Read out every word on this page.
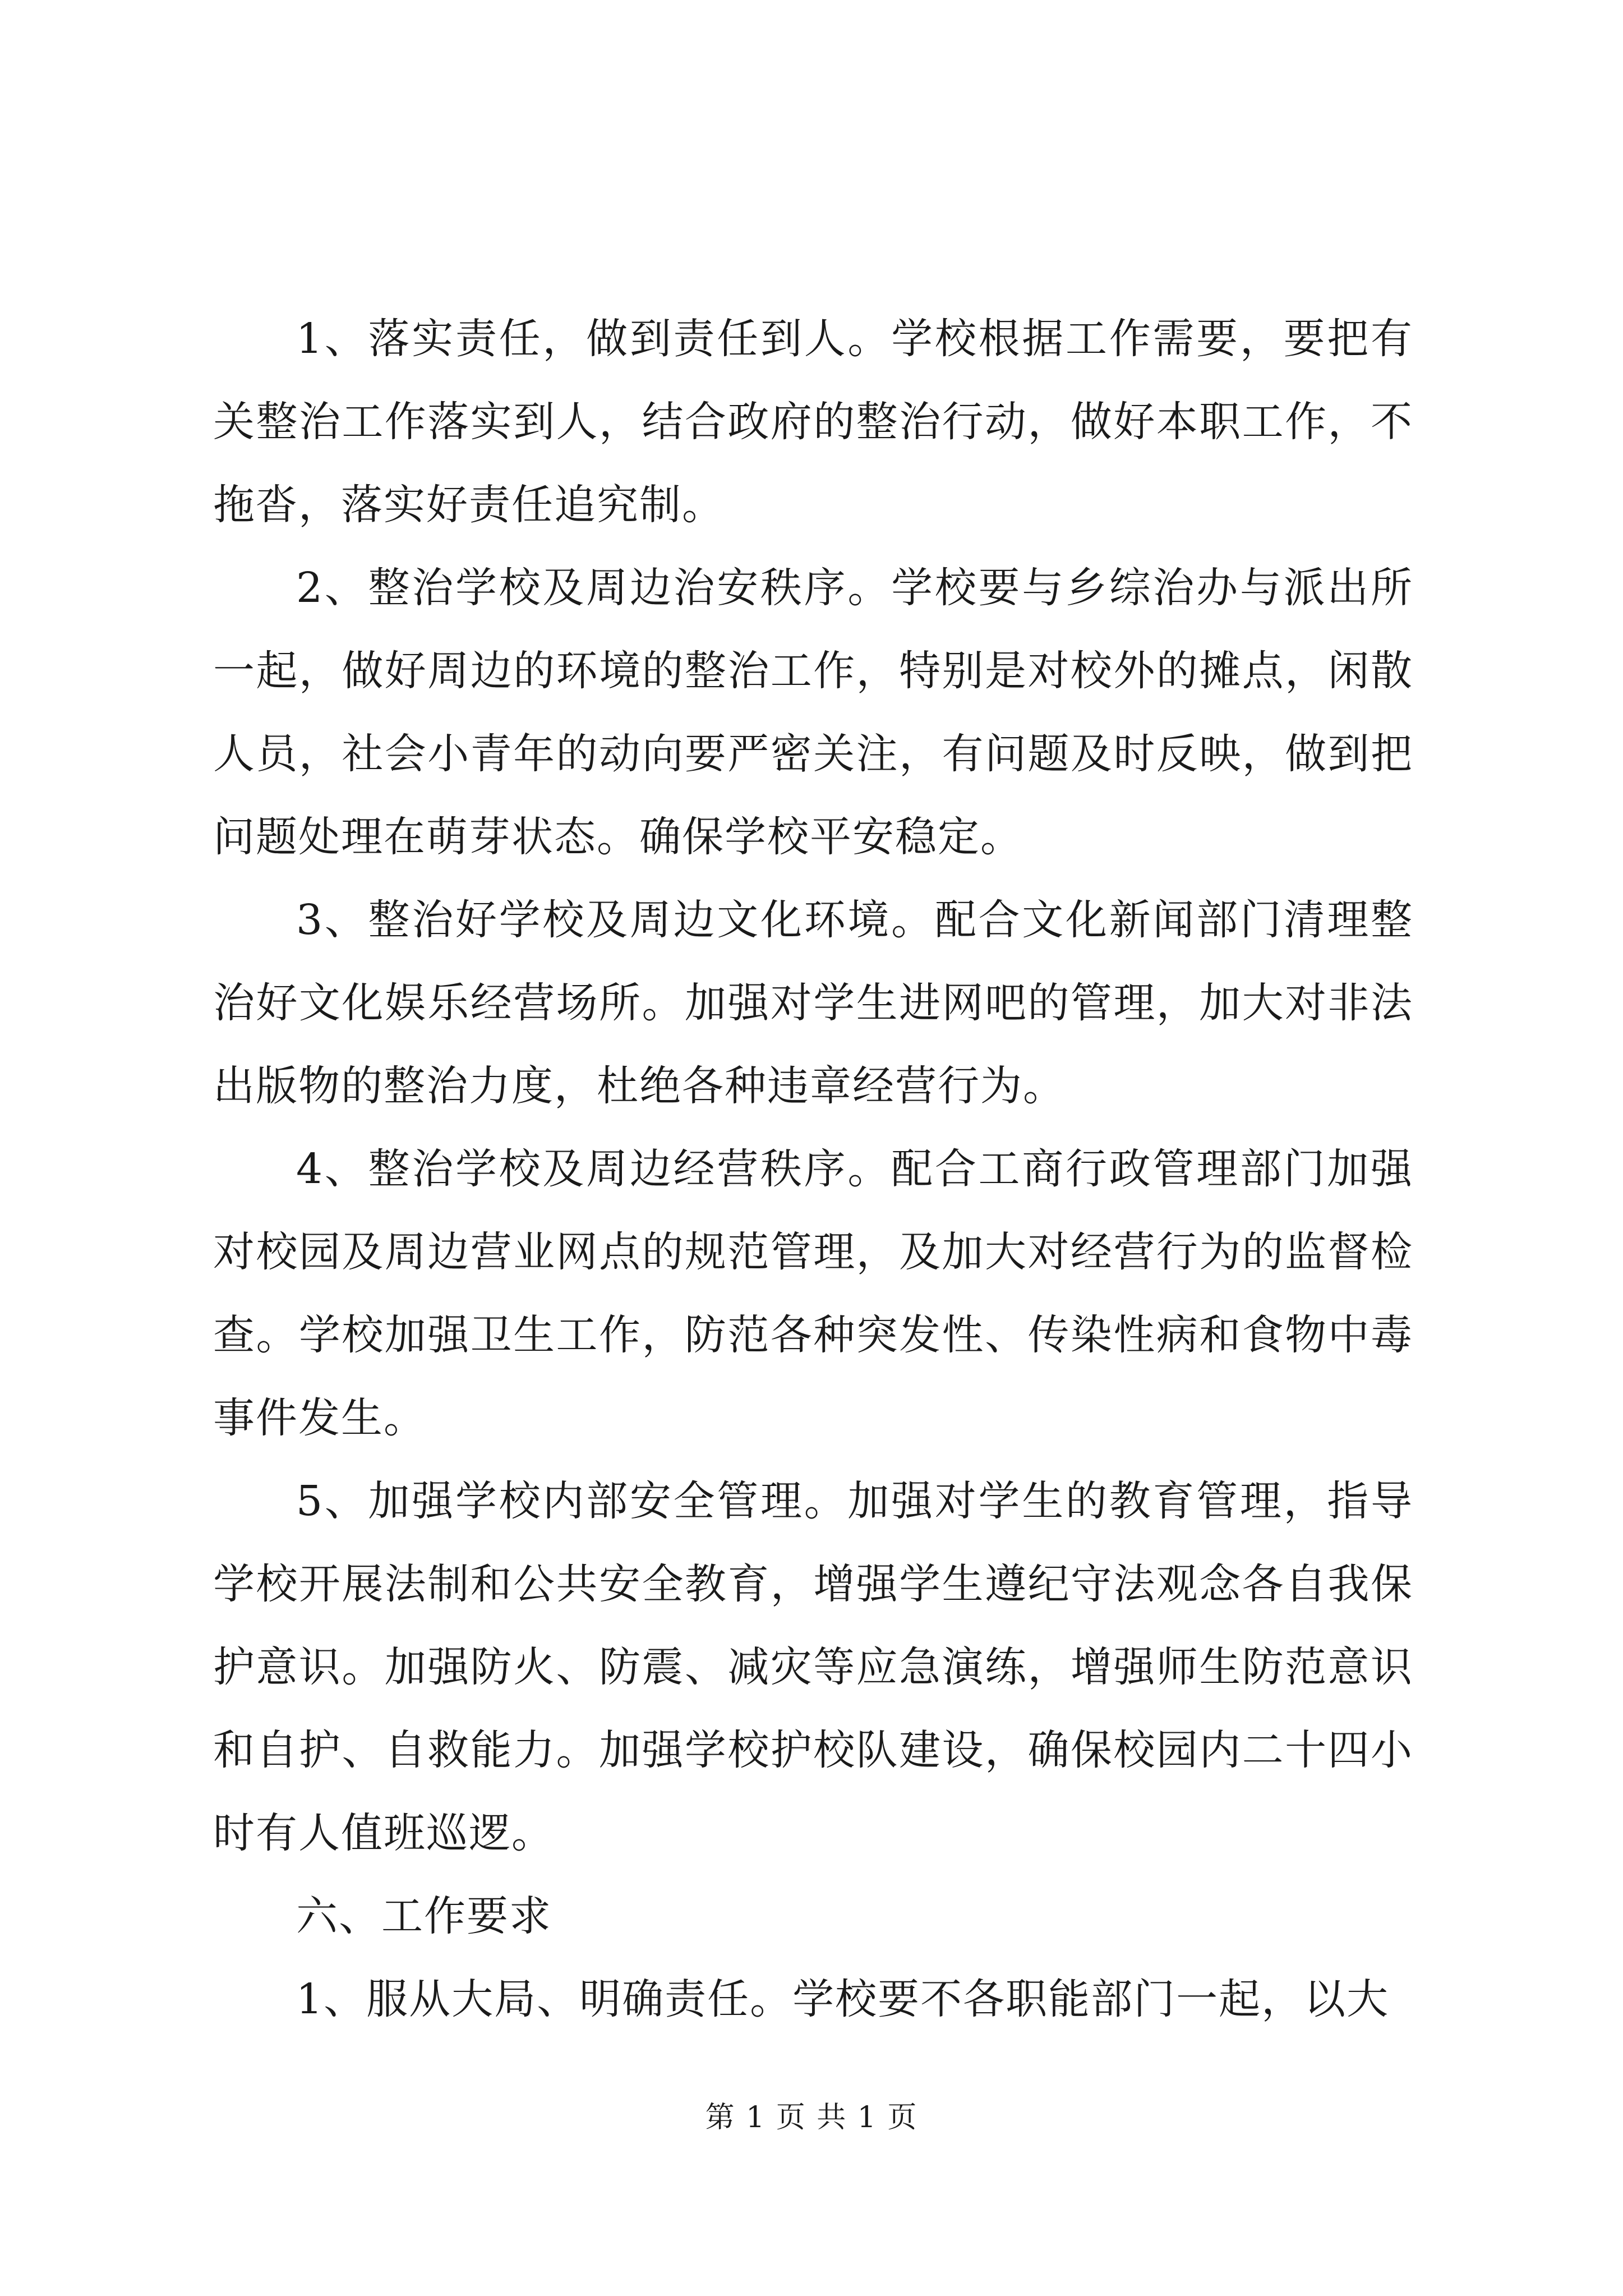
1、落实责任，做到责任到人。学校根据工作需要，要把有关整治工作落实到人，结合政府的整治行动，做好本职工作，不拖沓，落实好责任追究制。

2、整治学校及周边治安秩序。学校要与乡综治办与派出所一起，做好周边的环境的整治工作，特别是对校外的摊点，闲散人员，社会小青年的动向要严密关注，有问题及时反映，做到把问题处理在萌芽状态。确保学校平安稳定。

3、整治好学校及周边文化环境。配合文化新闻部门清理整治好文化娱乐经营场所。加强对学生进网吧的管理，加大对非法出版物的整治力度，杜绝各种违章经营行为。

4、整治学校及周边经营秩序。配合工商行政管理部门加强对校园及周边营业网点的规范管理，及加大对经营行为的监督检查。学校加强卫生工作，防范各种突发性、传染性病和食物中毒事件发生。

5、加强学校内部安全管理。加强对学生的教育管理，指导学校开展法制和公共安全教育，增强学生遵纪守法观念各自我保护意识。加强防火、防震、减灾等应急演练，增强师生防范意识和自护、自救能力。加强学校护校队建设，确保校园内二十四小时有人值班巡逻。

六、工作要求

1、服从大局、明确责任。学校要不各职能部门一起，以大

第 1 页 共 1 页
